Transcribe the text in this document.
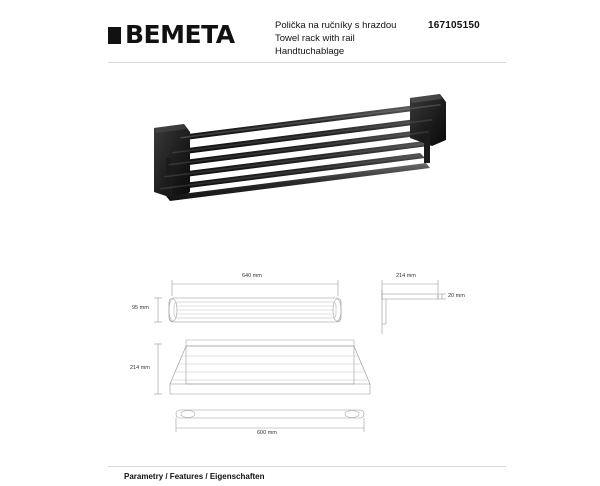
BEMETA	Polička na ručníky s hrazdou
Towel rack with rail
Handtuchablage
167105150
640 mm
95 mm
214 mm
20 mm
214 mm
600 mm
Parametry / Features / Eigenschaften
